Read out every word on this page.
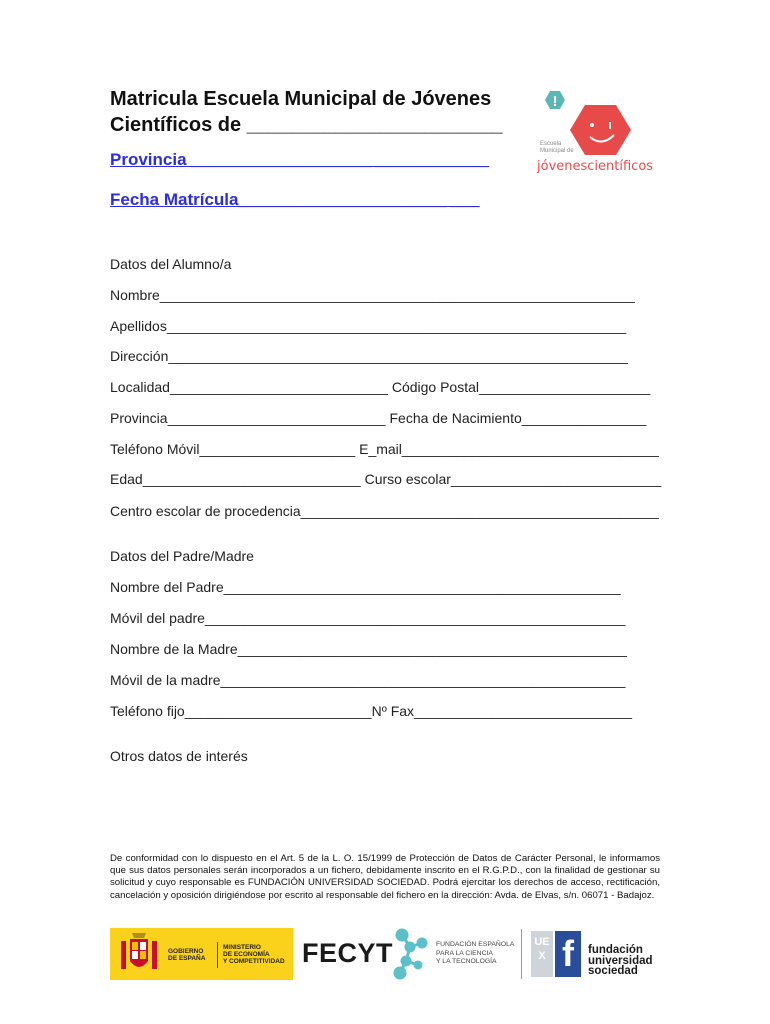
Matricula Escuela Municipal de Jóvenes
Científicos de _______________________
Provincia ___________________ ____________
Fecha Matrícula______________________ ___
!
Escuela
Municipal de
jóvenescientíficos
Datos del Alumno/a
Nombre_____________________________________________________________
Apellidos___________________________________________________________
Dirección___________________________________________________________
Localidad____________________________ Código Postal______________________
Provincia____________________________ Fecha de Nacimiento________________
Teléfono Móvil____________________ E_mail_________________________________
Edad____________________________ Curso escolar___________________________
Centro escolar de procedencia______________________________________________
Datos del Padre/Madre
Nombre del Padre___________________________________________________
Móvil del padre______________________________________________________
Nombre de la Madre__________________________________________________
Móvil de la madre____________________________________________________
Teléfono fijo________________________Nº Fax____________________________
Otros datos de interés
De conformidad con lo dispuesto en el Art. 5 de la L. O. 15/1999 de Protección de Datos de Carácter Personal, le informamos que sus datos personales serán incorporados a un fichero, debidamente inscrito en el R.G.P.D., con la finalidad de gestionar su solicitud y cuyo responsable es FUNDACIÓN UNIVERSIDAD SOCIEDAD. Podrá ejercitar los derechos de acceso, rectificación, cancelación y oposición dirigiéndose por escrito al responsable del fichero en la dirección: Avda. de Elvas, s/n. 06071 - Badajoz.
GOBIERNO
DE ESPAÑA
MINISTERIO
DE ECONOMÍA
Y COMPETITIVIDAD FECYT	FUNDACIÓN ESPAÑOLA
PARA LA CIENCIA
Y LA TECNOLOGÍA
UEX f	fundación
universidad
sociedad
